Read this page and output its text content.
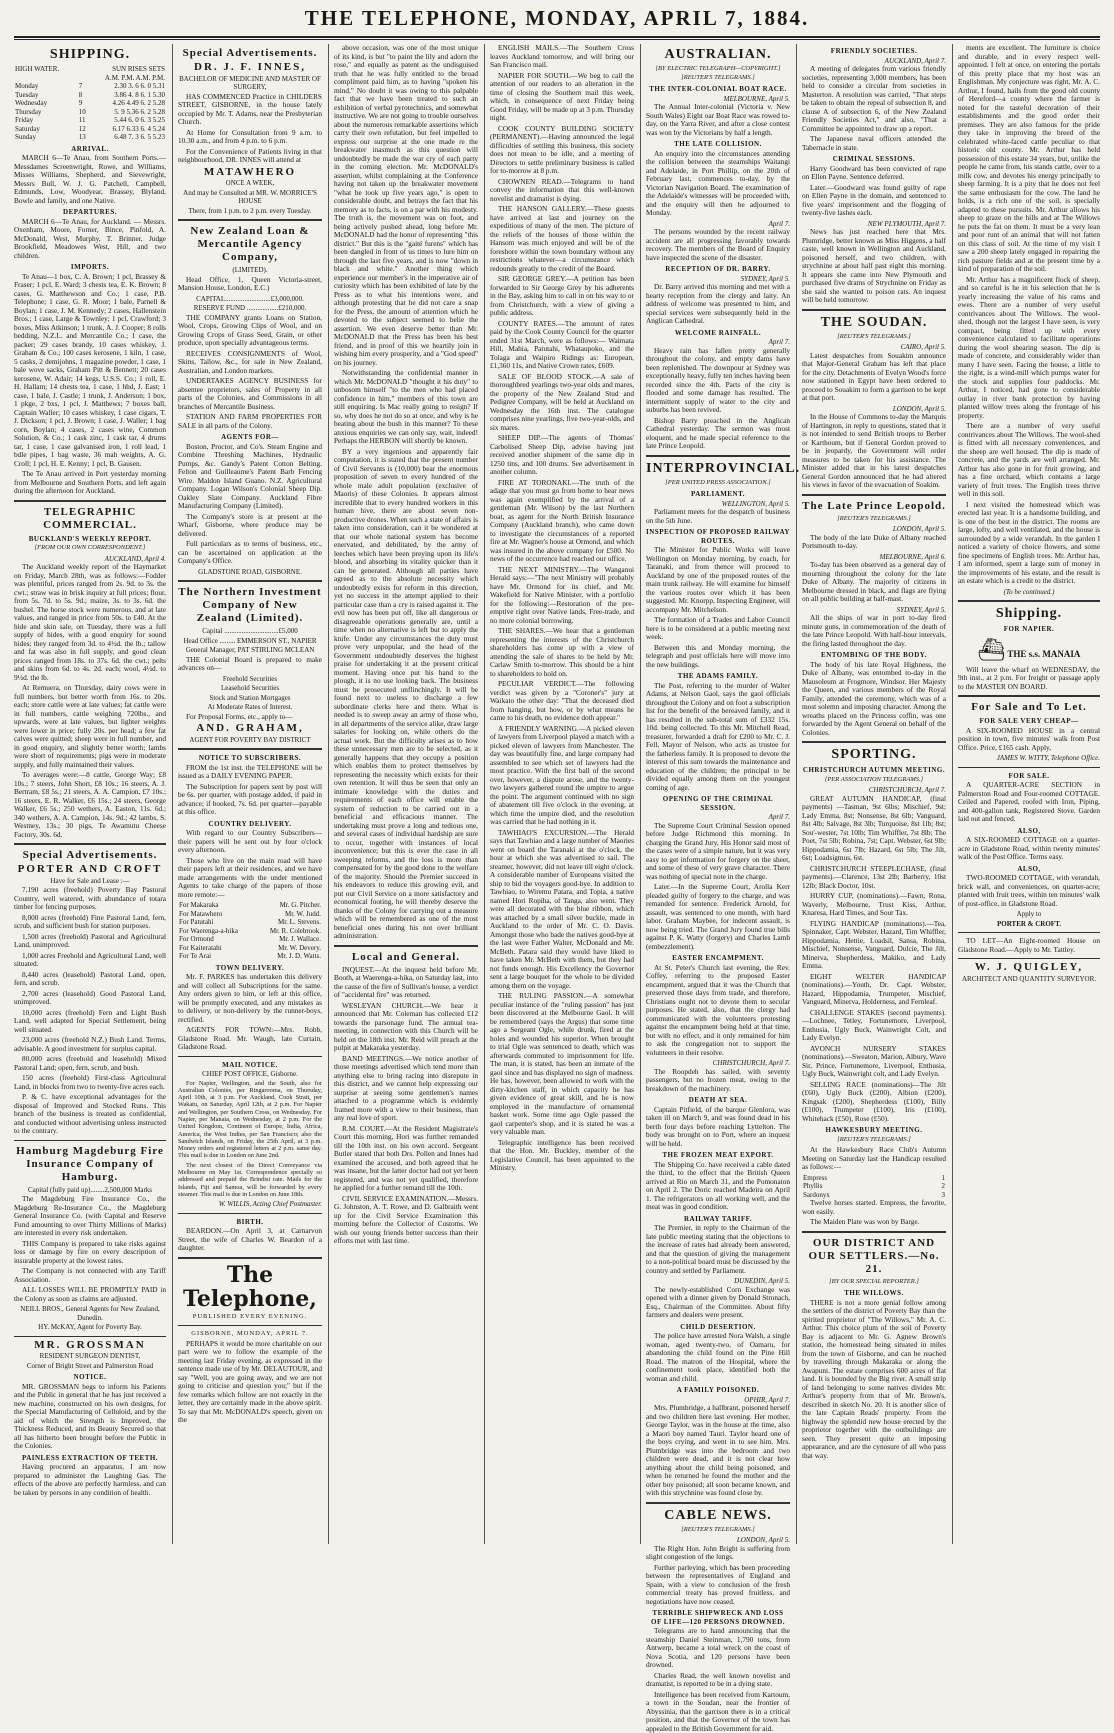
THE TELEPHONE, MONDAY, APRIL 7, 1884.
SHIPPING.
HIGH WATER.		SUN RISES SETS
	A.M. P.M. A.M. P.M.	
Monday	7	2.30 3. 6 6. 0 5.31
Tuesday	8	3.86 4. 8 6. 1 5.30
Wednesday	9	4.26 4.49 6. 2 5.28
Thursday	10	5. 9 5.36 6. 2 5.28
Friday	11	5.44 6. 0 6. 3 5.25
Saturday	12	6.17 6.33 6. 4 5.24
Sunday	13	6.48 7. 3 6. 5 5.23
ARRIVAL.

MARCH 6—Te Anau, from Southern Ports.—Messdames Screenwright, Rowe, and Williams, Misses Williams, Shepherd, and Sievewright, Messrs Bull, W. J. G. Patchell, Campbell, Edmunds, Low, Woodyear, Brassey, Blyland, Bowle and family, and one Native.

DEPARTURES.

MARCH 6—Te Anau, for Auckland. — Messrs. Oxenham, Moore, Forner, Bince, Pinfold, A. McDonald, West, Murphy, T. Brinner, Judge Brookfield, Meadowes West, Hill, and two children.

IMPORTS.

Te Anau—1 box, C. A. Brown; 1 pcl, Brassey & Fraser; 1 pcl, E. Ward; 3 chests tea, E. K. Brown; 8 cases, G. Matthewson and Co.; 1 case, P.B. Telephone; 1 case, G. R. Moor; 1 bale, Parnell & Boylan; 1 case, J. M. Kennedy; 2 cases, Hallenstein Bros.; 1 case, Large & Townley; 1 pcl, Crawford; 3 boxes, Miss Atkinson; 1 trunk, A. J. Cooper; 8 rolls bedding, N.Z.L. and Mercantile Co.; 1 case, the packer; 29 cases brandy, 10 cases whiskey, J. Graham & Co.; 100 cases kerosene, 1 kiln, 1 case, 5 casks, 2 demijohns, 1 magazine powder, 1 case, 1 bale wove sacks, Graham Pitt & Bennett; 20 cases kerosene, W. Adair; 14 kegs, U.S.S. Co.; 1 roll, E. H. Hallam; 14 chests tea, 1 case, 1 hhd, J. East; 1 case, 1 bale, J. Castle; 1 trunk, J. Anderson; 1 box, 1 pkge, 2 bxs, 1 pcl, J. Matthews; 7 boxes ball, Captain Waller; 10 cases whiskey, 1 case cigars, T. J. Dickson; 1 pcl, J. Brown; 1 case, J. Waller; 1 bag corn, Boylan; 4 cases, 2 cases wine, Common Solution, & Co.; 1 cask zinc, 1 cask tar, 4 drums tar, 1 case, 1 case galvanised iron, 1 roll lead, 1 bdle pipes, 1 bag waste, 36 mah weights, A. G. Croll; 1 pcl, H. E. Kenny; 1 pcl, B. Gausen.

The Te Anau arrived in Port yesterday morning from Melbourne and Southern Ports, and left again during the afternoon for Auckland.

TELEGRAPHIC COMMERCIAL.
BUCKLAND'S WEEKLY REPORT.
[FROM OUR OWN CORRESPONDENT.]
AUCKLAND, April 4.

The Auckland weekly report of the Haymarket on Friday, March 28th, was as follows:—Fodder was plentiful, prices ranged from 2s. 9d. to 3s. the cwt.; straw was in brisk inquiry at full prices; flour, from 5s. 7d. to 5s. 9d.; maize, 3s. to 3s. 6d. the bushel. The horse stock were numerous, and at late values, and ranged in price from 50s. to £40. At the hide and skin sale, on Tuesday, there was a full supply of hides, with a good enquiry for sound hides; they ranged from 3d. to 4½d. the lb.; tallow and fat was also in full supply, and good clean prices ranged from 18s. to 37s. 6d. the cwt.; pelts and skins from 6d. to 4s. 2d. each; wool, 4½d. to 9½d. the lb.

At Remuera, on Thursday, dairy cows were in full numbers, but better worth from 16s. to 20s. each; store cattle were at late values; fat cattle were in full numbers, cattle weighing 720lbs., and upwards, were at late values, but lighter weights were lower in price; fully 20s. per head; a few fat calves were quitted; sheep were in full number, and in good enquiry, and slightly better worth; lambs were short of requirements; pigs were in moderate supply, and fully maintained their values.

To averages were:—8 cattle, George Way; £8 10s.; 7 steers, John Short, £8 10s.; 16 steers, A. J. Bertram, £8 5s.; 21 steers, A. A. Campion, £7 10s.; 16 steers, E. R. Walker, £6 15s.; 24 steers, George Walker, £6 5s.; 250 wethers, A. Easton, 11s. 6d.; 340 wethers, A. A. Campion, 14s. 9d.; 42 lambs, S. Westney, 13s.; 30 pigs, Te Awamutu Cheese Factory, 30s. 6d.

Special Advertisements.
PORTER AND CROFT
Have for Sale and Lease :—

7,190 acres (freehold) Poverty Bay Pastoral Country, well watered, with abundance of totara timber for fencing purposes.

8,000 acres (freehold) Fine Pastoral Land, fern, scrub, and sufficient bush for station purposes.

1,500 acres (freehold) Pastoral and Agricultural Land, unimproved.

1,000 acres Freehold and Agricultural Land, well situated.

8,440 acres (leasehold) Pastoral Land, open, fern, and scrub.

2,700 acres (leasehold) Good Pastoral Land, unimproved.

10,000 acres (freehold) Fern and Light Bush Land, well adapted for Special Settlement, being well situated.

23,000 acres (freehold N.Z.) Bush Land. Terms, advisable. A good investment for surplus capital.

80,000 acres (freehold and leasehold) Mixed Pastoral Land; open, fern, scrub, and bush.

150 acres (freehold) First-class Agricultural Land, in blocks from two to twenty-five acres each.

P. & C. have exceptional advantages for the disposal of Improved and Stocked Runs. This branch of the business is treated as confidential, and conducted without advertising unless instructed to the contrary.

Hamburg Magdeburg Fire Insurance Company of Hamburg.
Capital (fully paid up)........2,500,000 Marks

The Magdeburg Fire Insurance Co., the Magdeburg Re-Insurance Co., the Magdeburg General Insurance Co. (with Capital and Reserve Fund amounting to over Thirty Millions of Marks) are interested in every risk undertaken.

THIS Company is prepared to take risks against loss or damage by fire on every description of insurable property at the lowest rates.

The Company is not connected with any Tariff Association.

ALL LOSSES WILL BE PROMPTLY PAID in the Colony as soon as claims are adjusted.

NEILL BROS., General Agents for New Zealand, Dunedin.
HY. McKAY, Agent for Poverty Bay.
MR. GROSSMAN
RESIDENT SURGEON DENTIST,
Corner of Bright Street and Palmerston Road
NOTICE.

MR. GROSSMAN begs to inform his Patients and the Public in general that he has just received a new machine, constructed on his own designs, for the Special Manufacturing of Celluloid, and by the aid of which the Strength is Improved, the Thickness Reduced, and its Beauty Secured so that all has hitherto been brought before the Public in the Colonies.

PAINLESS EXTRACTION OF TEETH.

Having procured an apparatus, I am now prepared to administer the Laughing Gas. The effects of the above are perfectly harmless, and can be taken by persons in any condition of health.

Special Advertisements.
DR. J. F. INNES,
BACHELOR OF MEDICINE AND MASTER OF SURGERY,

HAS COMMENCED Practice in CHILDERS STREET, GISBORNE, in the house lately occupied by Mr. T. Adams, near the Presbyterian Church.

At Home for Consultation from 9 a.m. to 10.30 a.m., and from 4 p.m. to 6 p.m.

For the Convenience of Patients living in that neighbourhood, DR. INNES will attend at

MATAWHERO
ONCE A WEEK,
And may be Consulted at MR. W. MORRICE'S HOUSE
There, from 1 p.m. to 2 p.m. every Tuesday.
New Zealand Loan & Mercantile Agency Company,
(LIMITED).

Head Office, 1, Queen Victoria-street, Mansion House, London, E.C.)

CAPITAL..........................£3,000,000.
RESERVE FUND ..................£210,000.

THE COMPANY grants Loans on Station, Wool, Crops, Growing Clips of Wool, and on Growing Crops of Grass Seed, Grain, or other produce, upon specially advantageous terms.

RECEIVES CONSIGNMENTS of Wool, Skins, Tallow, &c., for sale in New Zealand, Australian, and London markets.

UNDERTAKES AGENCY BUSINESS for absentee proprietors, sales of Property in all parts of the Colonies, and Commissions in all branches of Mercantile Business.

STATION AND FARM PROPERTIES FOR SALE in all parts of the Colony.

AGENTS FOR—

Boston, Proctor, and Co's. Steam Engine and Combine Threshing Machines, Hydraulic Pumps, &c. Gandy's Patent Cotton Belting. Felton and Guilleaume's Patent Barb Fencing Wire. Maldon Island Guano. N.Z. Agricultural Company. Logan Wilson's Colonial Sheep Dip. Oakley Slate Company. Auckland Fibre Manufacturing Company (Limited).

The Company's store is at present at the Wharf, Gisborne, where produce may be delivered.

Full particulars as to terms of business, etc., can be ascertained on application at the Company's Office.

GLADSTONE ROAD, GISBORNE.
The Northern Investment Company of New Zealand (Limited).
Capital ...............................£5,000
Head Office ......... EMMERSON ST., NAPIER
General Manager, PAT STIRLING MCLEAN

THE Colonial Board is prepared to make advances on—

Freehold Securities
Leasehold Securities
Stock and Station Mortgages
At Moderate Rates of Interest.

For Proposal Forms, etc., apply to—

AND. GRAHAM,
AGENT FOR POVERTY BAY DISTRICT
NOTICE TO SUBSCRIBERS.

FROM the 1st inst. the TELEPHONE will be issued as a DAILY EVENING PAPER.

The Subscription for papers sent by post will be 6s. per quarter, with postage added, if paid in advance; if booked, 7s. 6d. per quarter—payable at this office.

COUNTRY DELIVERY.

With regard to our Country Subscribers—their papers will be sent out by four o'clock every afternoon.

Those who live on the main road will have their papers left at their residences, and we have made arrangements with the under mentioned Agents to take charge of the papers of those more remote:—

For Makaraka	Mr. G. Pitcher.
For Matawhero	Mr. W. Judd.
For Patutahi	Mr. L. Stevens.
For Waerenga-a-hika	Mr. R. Colebrook.
For Ormond	Mr. J. Wallace.
For Kaiteratahi	Mr. W. Devery.
For Te Arai	Mr. J. D. Watts.
TOWN DELIVERY.

Mr. F. PARKES has undertaken this delivery and will collect all Subscriptions for the same. Any orders given to him, or left at this office, will be promptly executed, and any mistakes as to delivery, or non-delivery by the runner-boys, rectified.

AGENTS FOR TOWN:—Mrs. Robb, Gladstone Road. Mr. Waugh, late Curtain, Gladstone Road.

MAIL NOTICE.
CHIEF POST OFFICE, Gisborne.

For Napier, Wellington, and the South, also for Australian Colonies, per Ringarooma, on Thursday, April 10th, at 3 p.m. For Auckland, Cook Strait, per Wakatu, on Saturday, April 12th, at 2 p.m. For Napier and Wellington, per Southern Cross, on Wednesday. For Napier, per Manaia, on Wednesday, at 2 p.m. For the United Kingdom, Continent of Europe, India, Africa, America, the West Indies, per San Francisco; also the Sandwich Islands, on Friday, the 25th April, at 3 p.m. Money orders and registered letters at 2 p.m. same day. This mail is due in London on June 2nd.

The next closest of the Direct Conveyance via Melbourne on May 1st. Correspondence specially so addressed and prepaid the Brindisi rate. Mails for the Islands, Fiji and Samoa, will be forwarded by every steamer. This mail is due in London on June 18th.

W. WILLIS, Acting Chief Postmaster.
BIRTH.

BEARDON.—On April 3, at Carnarvon Street, the wife of Charles W. Beardon of a daughter.

The Telephone,
PUBLISHED EVERY EVENING.
GISBORNE, MONDAY, APRIL 7.

PERHAPS it would be more charitable on our part were we to follow the example of the meeting last Friday evening, as expressed in the sentence made use of by Mr. DELAUTOUR, and say "Well, you are going away, and we are not going to criticise and question you;" but if the few remarks which follow are not exactly in the letter, they are certainly made in the above spirit. To say that Mr. McDONALD's speech, given on the

above occasion, was one of the most unique of its kind, is but "to paint the lily and adorn the rose," and equally as patent as the undisguised truth that he was fully entitled to the broad compliment paid him, as to having "spoken his mind." No doubt it was owing to this palpable fact that we have been treated to such an exhibition of verbal pyrotechnics, and somewhat instructive. We are not going to trouble ourselves about the numerous remarkable assertions which carry their own refutation, but feel impelled to express our surprise at the one made re the breakwater inasmuch as this question will undoubtedly be made the war cry of each party in the coming election. Mr. McDONALD's assertion, whilst complaining at the Conference having not taken up the breakwater movement "what he took up five years ago," is open to considerable doubt, and betrays the fact that his memory as to facts, is on a par with his modesty. The truth is, the movement was on foot, and being actively pushed ahead, long before Mr. McDONALD had the honor of representing "this district." But this is the "gaité furens" which has been dangled in front of us times to lure him on through the last five years, and is now "down in black and white." Another thing which experience our member's in the imperative air of curiosity which has been exhibited of late by the Press as to what his intentions were, and although protesting that he did not care a snap for the Press, the amount of attention which he devoted to the subject seemed to belie the assertion. We even deserve better than Mr. McDONALD that the Press has been his best friend, and in proof of this we heartily join in wishing him every prosperity, and a "God speed" on his journey.

Notwithstanding the confidential manner in which Mr. McDONALD "thought it his duty" to unbosom himself "to the men who had placed confidence in him," members of this town are still enquiring. Is Mac really going to resign? If so, why does he not do so at once, and why is he beating about the bush in this manner? To these anxious enquiries we can only say, wait, indeed! Perhaps the HERBON will shortly be known.

BY a very ingenious and apparently fair computation, it is stated that the present number of Civil Servants is (10,000) bear the enormous proposition of seven to every hundred of the whole male adult population (exclusive of Maoris) of these Colonies. It appears almost incredible that to every hundred workers in this human hive, there are about seven non-productive drones. When such a state of affairs is taken into consideration, can it be wondered at that our whole national system has become enervated, and debilitated, by the army of leeches which have been preying upon its life's blood, and absorbing its vitality quicker than it can be generated. Although all parties have agreed as to the absolute necessity which undoubtedly exists for reform in this direction, yet no success in the attempt applied to their particular case than a cry is raised against it. The evil now has been put off, like all dangerous or disagreeable operations generally are, until a time when no alternative is left but to apply the knife. Under any circumstances the duty must prove very unpopular, and the head of the Government undoubtedly deserves the highest praise for undertaking it at the present critical moment. Having once put his hand to the plough, it is no use looking back. The business must be prosecuted unflinchingly. It will be found next to useless to discharge a few subordinate clerks here and there. What is needed is to sweep away an army of those who, in all departments of the service alike, draw large salaries for looking on, while others do the actual work. But the difficulty arises as to how these unnecessary men are to be selected, as it generally happens that they occupy a position which enables them to protect themselves by representing the necessity which exists for their own retention. It will thus be seen that only an intimate knowledge with the duties and requirements of each office will enable the system of reduction to be carried out in a beneficial and efficacious manner. The undertaking must prove a long and tedious one, and several cases of individual hardship are sure to occur, together with instances of local inconvenience; but this is ever the case in all sweeping reforms, and the loss is more than compensated for by the good done to the welfare of the majority. Should the Premier succeed in his endeavors to reduce this growing evil, and put our Civil Service on a more satisfactory and economical footing, he will thereby deserve the thanks of the Colony for carrying out a measure which will be remembered as one of the most beneficial ones during his not over brilliant administration.

Local and General.

INQUEST.—At the inquest held before Mr. Booth, at Waerenga-a-hika, on Saturday last, into the cause of the fire of Sullivan's house, a verdict of "accidental fire" was returned.

WESLEYAN CHURCH.—We hear it announced that Mr. Coleman has collected £12 towards the parsonage fund. The annual tea-meeting, in connection with this Church will be held on the 18th inst. Mr. Reid will preach at the pulpit at Makaraka yesterday.

BAND MEETINGS.—We notice another of those meetings advertised which tend more than anything else to bring racing into disrepute in this district, and we cannot help expressing our surprise at seeing some gentlemen's names attached to a programme which is evidently framed more with a view to their business, than any real love of sport.

R.M. COURT.—At the Resident Magistrate's Court this morning, Hori was further remanded till the 10th inst. on his own accord. Sergeant Butler stated that both Drs. Pollen and Innes had examined the accused, and both agreed that he was insane, but the latter doctor had not yet been registered, and was not yet qualified, therefore he applied for a further remand till the 10th.

CIVIL SERVICE EXAMINATION.—Messrs. G. Johnston, A. T. Rowe, and D. Galbraith went up for the Civil Service Examination this morning before the Collector of Customs. We wish our young friends better success than their efforts met with last time.

ENGLISH MAILS.—The Southern Cross leaves Auckland tomorrow, and will bring our San Francisco mail.

NAPIER FOR SOUTH.—We beg to call the attention of our readers to an alteration in the time of closing the Southern mail this week, which, in consequence of next Friday being Good Friday, will be made up at 3 p.m. Thursday night.

COOK COUNTY BUILDING SOCIETY (PERMANENT).—Having announced the legal difficulties of settling this business, this society does not mean to be idle, and a meeting of Directors to settle preliminary business is called for to-morrow at 8 p.m.

CHOWNEN READ.—Telegrams to hand convey the information that this well-known novelist and dramatist is dying.

THE HANSON GALLERY.—These guests have arrived at last and journey on the expeditious of many of the men. The picture of the reliefs of the houses of those within the Hansom was much enjoyed and will be of the foreshore within the town boundary without any restrictions whatever—a circumstance which redounds greatly to the credit of the Board.

SIR GEORGE GREY.—A petition has been forwarded to Sir George Grey by his adherents in the Bay, asking him to call in on his way to or from Christchurch, with a view of giving a public address.

COUNTY RATES.—The amount of rates paid by the Cook County Council for the quarter ended 31st March, were as follows:— Waimata Hill, Mahia, Patutahi, Whataupoko, and the Tolaga and Waipiro Ridings as: European, £1,360 11s, and Native Crown rates, £609.

SALE OF BLOOD STOCK.—A sale of thoroughbred yearlings two-year olds and mares, the property of the New Zealand Stud and Pedigree Company, will be held at Auckland on Wednesday the 16th inst. The catalogue comprises nine yearlings, five two-year-olds, and six mares.

SHEEP DIP.—The agents of Thomas' Carbolised Sheep Dip, advise having just received another shipment of the same dip in 1250 tins, and 100 drums. See advertisement in another column.

FIRE AT TORONAKI.—The truth of the adage that you must go from home to hear news was again exemplified by the arrival of a gentleman (Mr. Wilson) by the last Northern boat, as agent for the North British Insurance Company (Auckland branch), who came down to investigate the circumstances of a reported fire at Mr. Wagner's house at Ormond, and which was insured in the above company for £500. No news of the occurrence had reached our office.

THE NEXT MINISTRY.—The Wanganui Herald says:—"The next Ministry will probably have Mr. Ormond for its chief, and Mr. Wakefield for Native Minister, with a portfolio for the following:—Restoration of the pre-emptive right over Native lands, Free-trade, and no more colonial borrowing.

THE SHARES.—We hear that a gentleman representing the interests of the Christchurch shareholders has come up with a view of attending the sale of shares to be held by Mr. Carlaw Smith to-morrow. This should be a hint to shareholders to hold on.

PECULIAR VERDICT.—The following verdict was given by a "Coroner's" jury at Waikato the other day: "That the deceased died from hanging, but how, or by what means he came to his death, no evidence doth appear."

A FRIENDLY WARNING.—A picked eleven of lawyers from Liverpool played a match with a picked eleven of lawyers from Manchester. The day was beautifully fine, and large company had assembled to see which set of lawyers had the most practice. With the first ball of the second over, however, a dispute arose, and the twenty-two lawyers gathered round the umpire to argue the point. The argument continued with no sign of abatement till five o'clock in the evening, at which time the umpire died, and the resolution was carried that he had nothing in it.

TAWHIAO'S EXCURSION.—The Herald says that Tawhiao and a large number of Maories went on board the Taranaki at the o'clock, the hour at which she was advertised to sail. The steamer, however, did not leave till eight o'clock. A considerable number of Europeans visited the ship to bid the voyagers good-bye. In addition to Tawhiao, to Wiremu Patara, and Topia, a native named Hori Ropiha, of Tanga, also went. They were all decorated with the blue ribbon, which was attached by a small silver buckle, made in Auckland to the order of Mr. C. O. Davis. Amongst those who bade the natives good-bye at the last were Father Walter, McDonald and Mr. McBeth. Patara said they would have liked to have taken Mr. McBeth with them, but they had not funds enough. His Excellency the Governor sent a large bouquet for the whole to be divided among them on the voyage.

THE RULING PASSION.—A somewhat peculiar instance of the "ruling passion" has just been discovered at the Melbourne Gaol. It will be remembered (says the Argus) that some time ago a Sergeant Ogle, while drunk, fired at the holes and wounded his superior. When brought to trial Ogle was sentenced to death, which was afterwards commuted to imprisonment for life. The man, it is stated, has been an inmate of the gaol since and has displayed no sign of madness. He has, however, been allowed to work with the dirty-kitchen staff, in which capacity he has given evidence of great skill, and he is now employed in the manufacture of ornamental basket work. Some time ago Ogle passed the gaol carpenter's shop, and it is stated he was a very valuable man.

Telegraphic intelligence has been received that the Hon. Mr. Buckley, member of the Legislative Council, has been appointed to the Ministry.

AUSTRALIAN.
[BY ELECTRIC TELEGRAPH—COPYRIGHT.] [REUTER'S TELEGRAMS.]
THE INTER-COLONIAL BOAT RACE.
MELBOURNE, April 5.

The Annual Inter-colonial (Victoria v. New South Wales) Eight oar Boat Race was rowed to-day, on the Yarra River, and after a close contest was won by the Victorians by half a length.

THE LATE COLLISION.

An enquiry into the circumstances attending the collision between the steamships Waitangi and Adelaide, in Port Phillip, on the 20th of February last, commences to-day, by the Victorian Navigation Board. The examination of the Adelaide's witnesses will be proceeded with, and the enquiry will then be adjourned to Monday.

April 7.

The persons wounded by the recent railway accident are all progressing favorably towards recovery. The members of the Board of Enquiry have inspected the scene of the disaster.

RECEPTION OF DR. BARRY.
SYDNEY, April 5.

Dr. Barry arrived this morning and met with a hearty reception from the clergy and laity. An address of welcome was presented to him, and special services were subsequently held in the Anglican Cathedral.

WELCOME RAINFALL.
April 7.

Heavy rain has fallen pretty generally throughout the colony, and empty dams have been replenished. The downpour at Sydney was exceptionally heavy, fully ten inches having been recorded since the 4th. Parts of the city is flooded and some damage has resulted. The intermittent supply of water to the city and suburbs has been revived.

Bishop Barry preached in the Anglican Cathedral yesterday. The sermon was most eloquent, and he made special reference to the late Prince Leopold.

INTERPROVINCIAL.
[PER UNITED PRESS ASSOCIATION.]
PARLIAMENT.
WELLINGTON, April 5.

Parliament meets for the despatch of business on the 5th June.

INSPECTION OF PROPOSED RAILWAY ROUTES.

The Minister for Public Works will leave Wellington on Monday morning, by coach, for Taranaki, and from thence will proceed to Auckland by one of the proposed routes of the main trunk railway. He will examine for himself the various routes over which it has been suggested. Mr. Knorpp, Inspecting Engineer, will accompany Mr. Mitchelson.

The formation of a Trades and Labor Council here is to be considered at a public meeting next week.

Between this and Monday morning, the telegraph and post officials here will move into the new buildings.

THE ADAMS FAMILY.

The Post, referring to the murder of Walter Adams, at Nelson Gaol, says the gaol officials throughout the Colony and on foot a subscription list for the benefit of the bereaved family, and it has resulted in the sub-total sum of £332 15s. 10d. being collected. To this Mr. Mitchell Read, treasurer, forwarded a draft for £200 to Mr. C. J. Fell, Mayor of Nelson, who acts as trustee for the fatherless family. It is proposed to devote the interest of this sum towards the maintenance and education of the children; the principal to be divided equally among them on the youngest coming of age.

OPENING OF THE CRIMINAL SESSION.
April 7.

The Supreme Court Criminal Session opened before Judge Richmond this morning. In charging the Grand Jury, His Honor said most of the cases were of a simple nature, but it was very easy to get information for forgery on the sheet, and some of these of very grave character. There was nothing of special note in the charge.

Later.—In the Supreme Court, Arolla Kerr pleaded guilty of forgery to the charge, and was remanded for sentence. Frederick Arnold, for assault, was sentenced to one month, with hard labor. Graham Maybee, for indecent assault, is now being tried. The Grand Jury found true bills against P. K. Watty (forgery) and Charles Lamb (embezzlement).

EASTER ENCAMPMENT.

At St. Peter's Church last evening, the Rev. Coffey, referring to the proposed Easter encampment, argued that it was the Church that preserved those days from trade, and therefore, Christians ought not to devote them to secular purposes. He stated, also, that the clergy had communicated with the volunteers protesting against the encampment being held at that time, but with no effect, and it only remained for him to ask the congregation not to support the volunteers in their resolve.

CHRISTCHURCH, April 7.

The Roopdeh has sailed, with seventy passengers, but no frozen meat, owing to the breakdown of the machinery.

DEATH AT SEA.

Captain Pitfield, of the barque Glenlora, was taken ill on March 9, and was found dead in his berth four days before reaching Lyttelton. The body was brought on to Port, where an inquest will be held.

THE FROZEN MEAT EXPORT.

The Shipping Co. have received a cable dated the third, to the effect that the British Queen arrived at Rio on March 31, and the Pomonaton on April 2. The Doric reached Madeira on April 1. The refrigerators on all working well, and the meat was in good condition.

RAILWAY TARIFF.

The Premier, in reply to the Chairman of the late public meeting stating that the objections to the increase of rates had already been answered, and that the question of giving the management to a non-political board must be discussed by the country and settled by Parliament.

DUNEDIN, April 5.

The newly-established Corn Exchange was opened with a dinner given by Donald Stronach, Esq., Chairman of the Committee. About fifty farmers and dealers were present.

CHILD DESERTION.

The police have arrested Nora Walsh, a single woman, aged twenty-two, of Oamaru, for abandoning the child found on the Pine Hill Road. The matron of the Hospital, where the confinement took place, identified both the woman and child.

A FAMILY POISONED.
OPHIR, April 7.

Mrs. Plumbridge, a hallbrant, poisoned herself and two children here last evening. Her mother, George Taylor, was in the house at the time, also a Maori boy named Tauri. Taylor heard one of the boys crying, and went in to see him. Mrs. Plumbridge was into the bedroom and two children were dead, and it is not clear how anything about the child being poisoned, and when he returned he found the mother and the other boy poisoned; all soon became known, and with this strychnine was found close by.

CABLE NEWS.
[REUTER'S TELEGRAMS.]
LONDON, April 5.

The Right Hon. John Bright is suffering from slight congestion of the lungs.

Further parleying, which has been proceeding between the representatives of England and Spain, with a view to conclusion of the fresh commercial treaty has proved fruitless, and negotiations have now ceased.

TERRIBLE SHIPWRECK AND LOSS OF LIFE—120 PERSONS DROWNED.

Telegrams are to hand announcing that the steamship Daniel Steinman, 1,790 tons, from Antwerp, became a total wreck on the coast of Nova Scotia, and 120 persons have been drowned.

Charles Read, the well known novelist and dramatist, is reported to be in a dying state.

Intelligence has been received from Kartoum, a town in the Soudan, near the frontier of Abyssinia, that the garrison there is in a critical position, and that the Governor of the town has appealed to the British Government for aid.

FRIENDLY SOCIETIES.
AUCKLAND, April 7.

A meeting of delegates from various friendly societies, representing 3,000 members, has been held to consider a circular from societies in Masterton. A resolution was carried, "That steps be taken to obtain the repeal of subsection 8, and clause A of subsection 6, of the New Zealand Friendly Societies Act," and also, "That a Committee be appointed to draw up a report.

The Japanese naval officers attended the Tabernacle in state.

CRIMINAL SESSIONS.

Harry Goodward has been convicted of rape on Ellen Payne. Sentence deferred.

Later.—Goodward was found guilty of rape on Ellen Payne in the domain, and sentenced to five years' imprisonment and the flogging of twenty-five lashes each.

NEW PLYMOUTH, April 7.

News has just reached here that Mrs. Plumridge, better known as Miss Higgens, a half caste, well known in Wellington and Auckland, poisoned herself, and two children, with strychnine at about half past eight this morning. It appears she came into New Plymouth and purchased five drams of Strychnine on Friday as she said she wanted to poison rats. An inquest will be held tomorrow.

THE SOUDAN.
[REUTER'S TELEGRAMS.]
CAIRO, April 5.

Latest despatches from Souakim announce that Major-General Graham has left that place for the city. Detachments of Evelyn Wood's force now stationed in Egypt have been ordered to proceed to Souakim to form a garrison to be kept at that port.

LONDON, April 5.

In the House of Commons to-day the Marquis of Hartington, in reply to questions, stated that it is not intended to send British troops to Berber or Karthoum, but if General Gordon proved to be in jeopardy, the Government will order measures to be taken for his assistance. The Minister added that in his latest despatches General Gordon announced that he had altered his views in favor of the evacuation of Soakim.

The Late Prince Leopold.
[REUTER'S TELEGRAMS.]
LONDON, April 5.

The body of the late Duke of Albany reached Portsmouth to-day.

MELBOURNE, April 6.

To-day has been observed as a general day of mourning throughout the colony for the late Duke of Albany. The majority of citizens in Melbourne dressed in black, and flags are flying on all public building at half-mast.

SYDNEY, April 5.

All the ships of war in port to-day fired minute guns, in commemoration of the death of the late Prince Leopold. With half-hour intervals, the firing lasted throughout the day.

ENTOMBING OF THE BODY.

The body of his late Royal Highness, the Duke of Albany, was entombed to-day in the Mausoleum at Frogmore, Windsor. Her Majesty the Queen, and various members of the Royal Family, attended the ceremony, which was of a most solemn and imposing character. Among the wreaths placed on the Princess coffin, was one forwarded by the Agent General on behalf of the Colonies.

SPORTING.
CHRISTCHURCH AUTUMN MEETING.
[PER ASSOCIATION TELEGRAMS.]
CHRISTCHURCH, April 7.

GREAT AUTUMN HANDICAP, (final payments) —Tasman, 9st 6lbs; Mischief, 9st; Lady Emma, 8st; Nonsense, 8st 6lb; Vanguard, 8st 4lb; Salvage, 8st 3lb; Turquoise, 8st 1lb; 8st; Sou'-wester, 7st 10lb; Tim Whiffler, 7st 8lb; The Poet, 7st 5lb; Robina, 7st; Capt. Webster, 6st 9lb; Hippodamia, 6st 7lb; Hazard, 6st 5lb; The Jilt, 6st; Loadsigmus, 6st.

CHRISTCHURCH STEEPLECHASE, (final payments).—Clarence, 13st 2lb; Barberry, 10st 12lb; Black Doctor, 10st.

HURRY CUP, (nominations).—Fawn, Rona, Waverly, Melbourne, Trust Kiss, Arthur, Knaresa, Hard Times, and Sour Tax.

FLYING HANDICAP (nominations).—Tea, Spinnaker, Capt. Webster, Hazard, Tim Whiffler, Hippodamia, Hettie, Loadsil, Sansa, Robina, Mischief, Nonsense, Vanguard, Dulcie, The Jilt, Minerva, Shepherdess, Makiko, and Lady Emma.

EIGHT WELTER HANDICAP (nominations).—Youth, Dr. Capt. Webster, Hazard, Hippodamia, Trumpeter, Mischief, Vanguard, Minerva, Holderness, and Fernleaf.

CHALLENGE STAKES (second payments).—Lochnee, Tetley, Fortunemore, Liverpool, Enthusia, Ugly Buck, Wainwright Colt, and Lady Evelyn.

AVONCH NURSERY STAKES (nominations).—Sweaton, Marion, Albury, Wave Sir, Prince, Fortunemore, Liverpool, Enthusia, Ugly Buck, Wainwright colt, and Lady Evelyn.

SELLING RACE (nominations)—The Jilt (£60), Ugly Buck (£200), Albion (£200), Kingsak (£200), Shepherdess (£100), Billy (£100), Trumpeter (£100), Iris (£100), Whitehack (£50), Rose (£50).

HAWKESBURY MEETING.
[REUTER'S TELEGRAMS.]

At the Hawkesbury Race Club's Autumn Meeting on Saturday last the Handicap resulted as follows:—

Empress	1
Phyllis	2
Sardonyx	3

Twelve horses started. Empress, the favorite, won easily.

The Maiden Plate was won by Barge.

OUR DISTRICT AND OUR SETTLERS.—No. 21.
[BY OUR SPECIAL REPORTER.]
THE WILLOWS.

THERE is not a more genial follow among the settlers of the district of Poverty Bay than the spirited proprietor of "The Willows," Mr. A. C. Arthur. This choice plum of the soil of Poverty Bay is adjacent to Mr. G. Agnew Brown's station, the homestead being situated in miles from the town of Gisborne, and can be reached by travelling through Makaraka or along the Awapuni. The estate comprises 600 acres of flat land. It is bounded by the Big river. A small strip of land belonging to some natives divides Mr. Arthur's property from that of Mr. Brown's, described in sketch No. 20. It is another slice of the late Captain Reads' property. From the highway the splendid new house erected by the proprietor together with the outbuildings are seen. They present quite an imposing appearance, and are the cynosure of all who pass that way.

ments are excellent. The furniture is choice and durable, and in every respect well-appointed. I felt at once, on entering the portals of this pretty place that my host was an Englishman. My conjecture was right, Mr. A. C. Arthur, I found, hails from the good old county of Hereford—a county where the farmer is noted for the tasteful decoration of their establishments and the good order their premises. They are also famous for the pride they take in improving the breed of the celebrated white-faced cattle peculiar to that historic old county. Mr. Arthur has held possession of this estate 34 years, but, unlike the people he came from, his stands cattle, over to a milk cow, and devotes his energy principally to sheep farming. It is a pity that he does not feel the same enthusiasm for the cow. The land he holds, is a rich one of the soil, is specially adapted to these pursuits. Mr. Arthur allows his sheep to graze on the hills and at The Willows he puts the fat on them. It must be a very lean and poor runt of an animal that will not fatten on this class of soil. At the time of my visit I saw a 200 sheep lately engaged in repairing the rich pasture fields and at the present time by a kind of preparation of the soil.

Mr. Arthur has a magnificent flock of sheep, and so careful is he in his selection that he is yearly increasing the value of his rams and ewes. There are a number of very useful contrivances about The Willows. The wool-shed, though not the largest I have seen, is very compact, being fitted up with every convenience calculated to facilitate operations during the wool shearing season. The dip is made of concrete, and considerably wider than many I have seen. Facing the house, a little to the right, is a wind-mill which pumps water for the stock and supplies four paddocks. Mr. Arthur, I noticed, had gone to considerable outlay in river bank protection by having planted willow trees along the frontage of his property.

There are a number of very useful contrivances about The Willows. The wool-shed is fitted with all necessary conveniences, and the sheep are well housed. The dip is made of concrete, and the yards are well arranged. Mr. Arthur has also gone in for fruit growing, and has a fine orchard, which contains a large variety of fruit trees. The English trees thrive well in this soil.

I next visited the homestead which was erected last year. It is a handsome building, and is one of the best in the district. The rooms are large, lofty, and well ventilated, and the house is surrounded by a wide verandah. In the garden I noticed a variety of choice flowers, and some fine specimens of English trees. Mr. Arthur has, I am informed, spent a large sum of money in the improvements of his estate, and the result is an estate which is a credit to the district.

(To be continued.)
Shipping.
FOR NAPIER.
⛴ THE s.s. MANAIA

Will leave the wharf on WEDNESDAY, the 9th inst., at 2 p.m. For freight or passage apply to the MASTER ON BOARD.

For Sale and To Let.
FOR SALE VERY CHEAP—

A SIX-ROOMED HOUSE in a central position in town, five minutes' walk from Post Office. Price, £165 cash. Apply,

JAMES W. WITTY, Telephone Office.
FOR SALE.

A QUARTER-ACRE SECTION in Palmerston Road and Four-roomed COTTAGE. Ceiled and Papered, roofed with Iron, Piping, and 400-gallon tank, Registered Stove. Garden laid out and fenced.

ALSO,

A SIX-ROOMED COTTAGE on a quarter-acre in Gladstone Road, within twenty minutes' walk of the Post Office. Terms easy.

ALSO,

TWO-ROOMED COTTAGE, with verandah, brick wall, and conveniences, on quarter-acre; planted with fruit trees, within ten minutes' walk of post-office, in Gladstone Road.

Apply to
PORTER & CROFT.

TO LET—An Eight-roomed House on Gladstone Road.—Apply to Mr. Tattley.

W. J. QUIGLEY,
ARCHITECT AND QUANTITY SURVEYOR.
